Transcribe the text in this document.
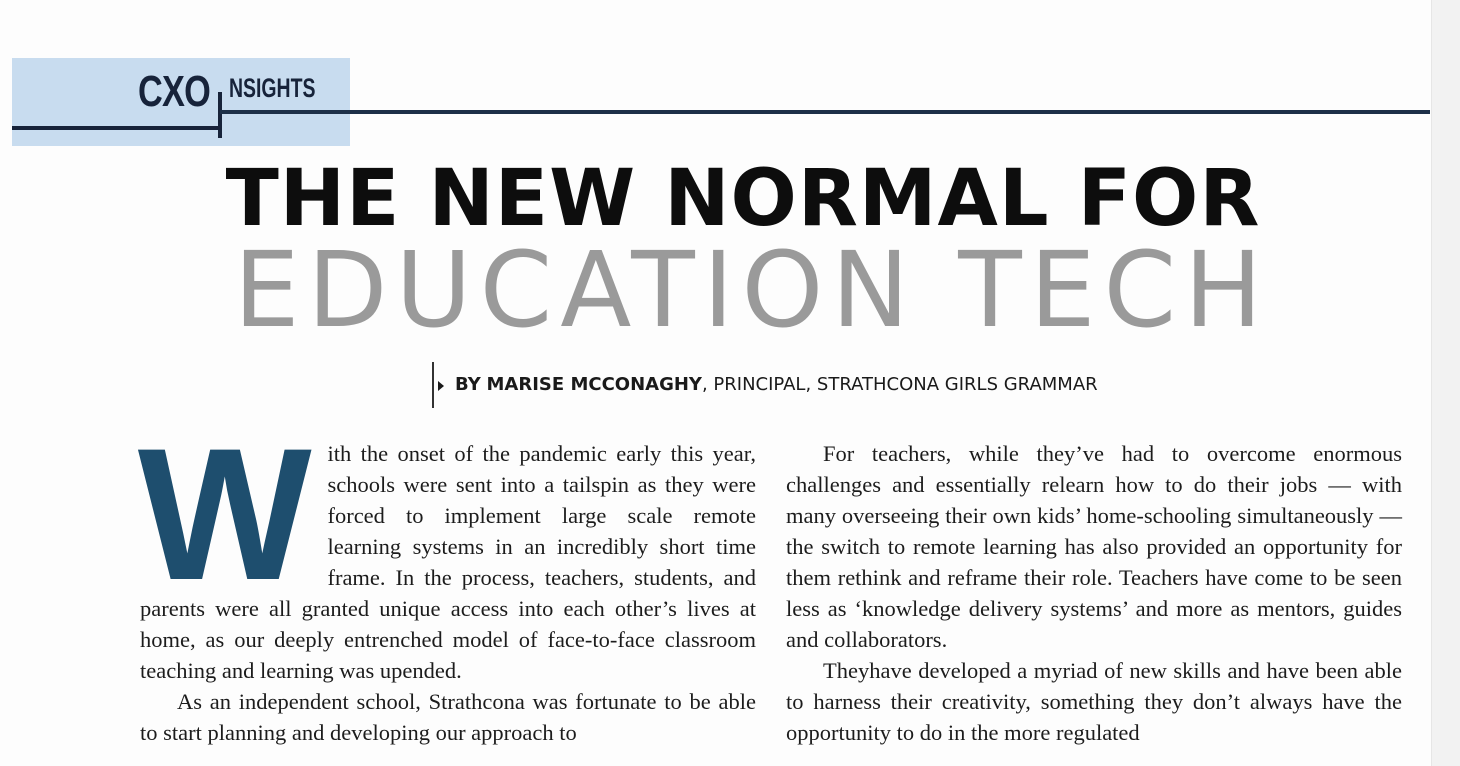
CXO NSIGHTS
THE NEW NORMAL FOR
EDUCATION TECH
BY MARISE MCCONAGHY, PRINCIPAL, STRATHCONA GIRLS GRAMMAR

With the onset of the pandemic early this year, schools were sent into a tailspin as they were forced to implement large scale remote learning systems in an incredibly short time frame. In the process, teachers, students, and parents were all granted unique access into each other’s lives at home, as our deeply entrenched model of face-to-face classroom teaching and learning was upended.

As an independent school, Strathcona was fortunate to be able to start planning and developing our approach to

For teachers, while they’ve had to overcome enormous challenges and essentially relearn how to do their jobs — with many overseeing their own kids’ home-schooling simultaneously — the switch to remote learning has also provided an opportunity for them rethink and reframe their role. Teachers have come to be seen less as ‘knowledge delivery systems’ and more as mentors, guides and collaborators.

Theyhave developed a myriad of new skills and have been able to harness their creativity, something they don’t always have the opportunity to do in the more regulated
